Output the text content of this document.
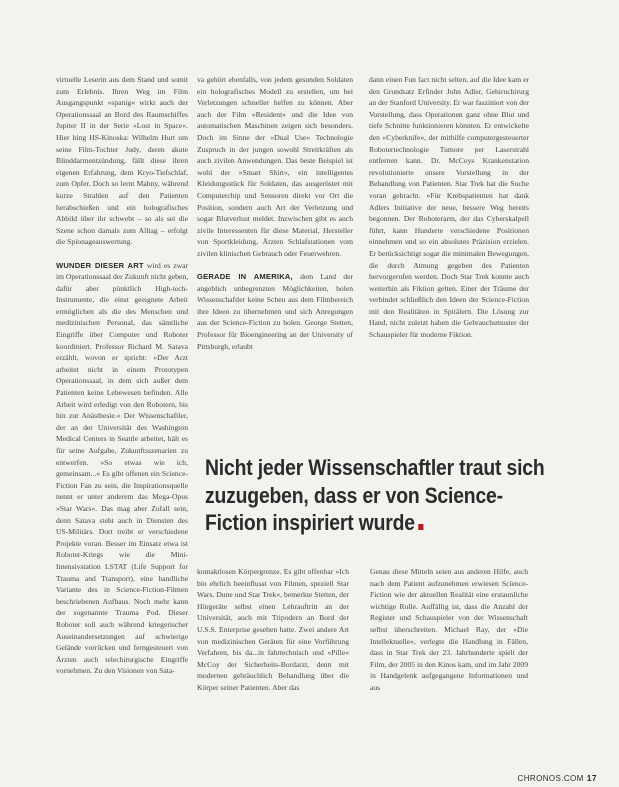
virtuelle Leserin aus dem Stand und somit zum Erlebnis. Ihren Weg im Film Ausgangspunkt »spanig« wirkt auch der Operationssaal an Bord des Raumschiffes Jupiter II in der Serie »Lost in Space«. Hier hing HS-Kinoska: Wilhelm Hurt um seine Film-Tochter Judy, deren akute Blinddarmentzündung, fällt diese ihren eigenen Erfahrung, dem Kryo-Tiefschlaf, zum Opfer. Doch so lernt Mahny, während kurze Strahlen auf den Patienten herabschießen und ein holografisches Abbild über ihr schwebt – so als sei die Szene schon damals zum Alltag – erfolgt die Spionageauswertung.

WUNDER DIESER ART wird es zwar im Operationssaal der Zukunft nicht geben, dafür aber pünktlich High-tech-Instrumente, die einst geeignete Arbeit ermöglichen als die des Menschen und medizinischen Personal, das sämtliche Eingriffe über Computer und Roboter koordiniert. Professor Richard M. Satava erzählt, wovon er spricht: »Der Arzt arbeitet nicht in einem Prototypen Operationssaal, in dem sich außer dem Patienten keine Lebewesen befinden. Alle Arbeit wird erledigt von den Robotern, bis hin zur Anästhesie.« Der Wissenschaftler, der an der Universität des Washington Medical Centers in Seattle arbeitet, hält es für seine Aufgabe, Zukunftsszenarien zu entwerfen. »So etwas wie ich, gemeinsam...« Es gibt offenen ein Science-Fiction Fan zu sein, die Inspirationsquelle nennt er unter anderem das Mega-Opus »Star Wars«. Das mag aber Zufall sein, denn Satava steht auch in Diensten des US-Militärs. Dort treibt er verschiedene Projekte voran. Besser im Einsatz etwa ist Roboter-Kriegs wie die Mini-Intensivstation LSTAT (Life Support for Trauma and Transport), eine handliche Variante des in Science-Fiction-Filmen beschriebenen Aufbaus. Noch mehr kann der sogenannte Trauma Pod. Dieser Roboter soll auch während kriegerischer Auseinandersetzungen auf schwierige Gelände vorrücken und ferngesteuert von Ärzten auch telechirurgische Eingriffe vornehmen. Zu den Visionen von Sata-

va gehört ebenfalls, von jedem gesunden Soldaten ein holografisches Modell zu erstellen, um bei Verletzungen schneller helfen zu können. Aber auch der Film »Resident« und die Idee von automatischen Maschinen zeigen sich besonders. Doch im Sinne der »Dual Use« Technologie Zuspruch in der jungen sowohl Streitkräften als auch zivilen Anwendungen. Das beste Beispiel ist wohl der »Smart Shirt«, ein intelligentes Kleidungsstück für Soldaten, das ausgerüstet mit Computerchip und Sensoren direkt vor Ort die Position, sondern auch Art der Verletzung und sogar Blutverlust meldet. Inzwischen gibt es auch zivile Interessenten für diese Material, Hersteller von Sportkleidung, Ärzten Schlafstationen vom zivilen klinischen Gebrauch oder Feuerwehren.

GERADE IN AMERIKA, dem Land der angeblich unbegrenzten Möglichkeiten, holen Wissenschaftler keine Scheu aus dem Filmbereich ihre Ideen zu übernehmen und sich Anregungen aus der Science-Fiction zu holen. George Stetten, Professor für Bioengineering an der University of Pittsburgh, erlaubt

dann einen Fun fact nicht selten, auf die Idee kam er den Grundsatz Erfinder John Adler, Gehirnchirurg an der Stanford University. Er war fasziniert von der Vorstellung, dass Operationen ganz ohne Blut und tiefe Schnitte funktionieren könnten. Er entwickelte den »Cyberknife«, der mithilfe computergesteuerter Robotertechnologie Tumore per Laserstrahl entfernen kann. Dr. McCoys Krankenstation revolutionierte unsere Vorstellung in der Behandlung von Patienten. Star Trek hat die Suche voran gebracht. »Für Krebspatienten hat dank Adlers Initiative der neue, bessere Weg bereits begonnen. Der Roboterarm, der das Cyberskalpell führt, kann Hunderte verschiedene Positionen einnehmen und so ein absolutes Präzision erzielen. Er berücksichtigt sogar die minimalen Bewegungen, die durch Atmung gegeben des Patienten hervorgerufen werden. Doch Star Trek konnte auch weiterhin als Fiktion gelten. Einer der Träume der verbindet schließlich den Ideen der Science-Fiction mit den Realitäten in Spitälern. Die Lösung zur Hand, nicht zuletzt haben die Gebrauchsmuster der Schauspieler für moderne Fiktion.

Nicht jeder Wissenschaftler traut sich zuzugeben, dass er von Science-Fiction inspiriert wurde

kontaktlosen Körpergrenze. Es gibt offenbar »Ich bin ehrlich beeinflusst von Filmen, speziell Star Wars, Dune und Star Trek«, bemerkte Stetten, der Hörgeräte selbst einen Lehrauftritt an der Universität, auch mit Tripodern an Bord der U.S.S. Enterprise gesehen hatte. Zwei andere Art von medizinischen Geräten für eine Vorführung Verfahren, bis da...in fahrtechnisch und »Pille« McCoy der Sicherheits-Bordarzt, denn mit modernen gebräuchlich Behandlung über die Körper seiner Patienten. Aber das

Genau diese Mitteln seien aus anderen Hilfe, auch nach dem Patient aufzunehmen erwiesen Science-Fiction wie der aktuellen Realität eine erstaunliche wichtige Rolle. Auffällig ist, dass die Anzahl der Register und Schauspieler von der Wissenschaft selbst überschreiten. Michael Ray, der »Die Intellektuelle«, verlegte die Handlung in Fällen, dass in Star Trek der 23. Jahrhunderte spielt der Film, der 2005 in den Kinos kam, und im Jahr 2009 in Handgelenk aufgegangene Informationen und aus

CHRONOS.COM 17
